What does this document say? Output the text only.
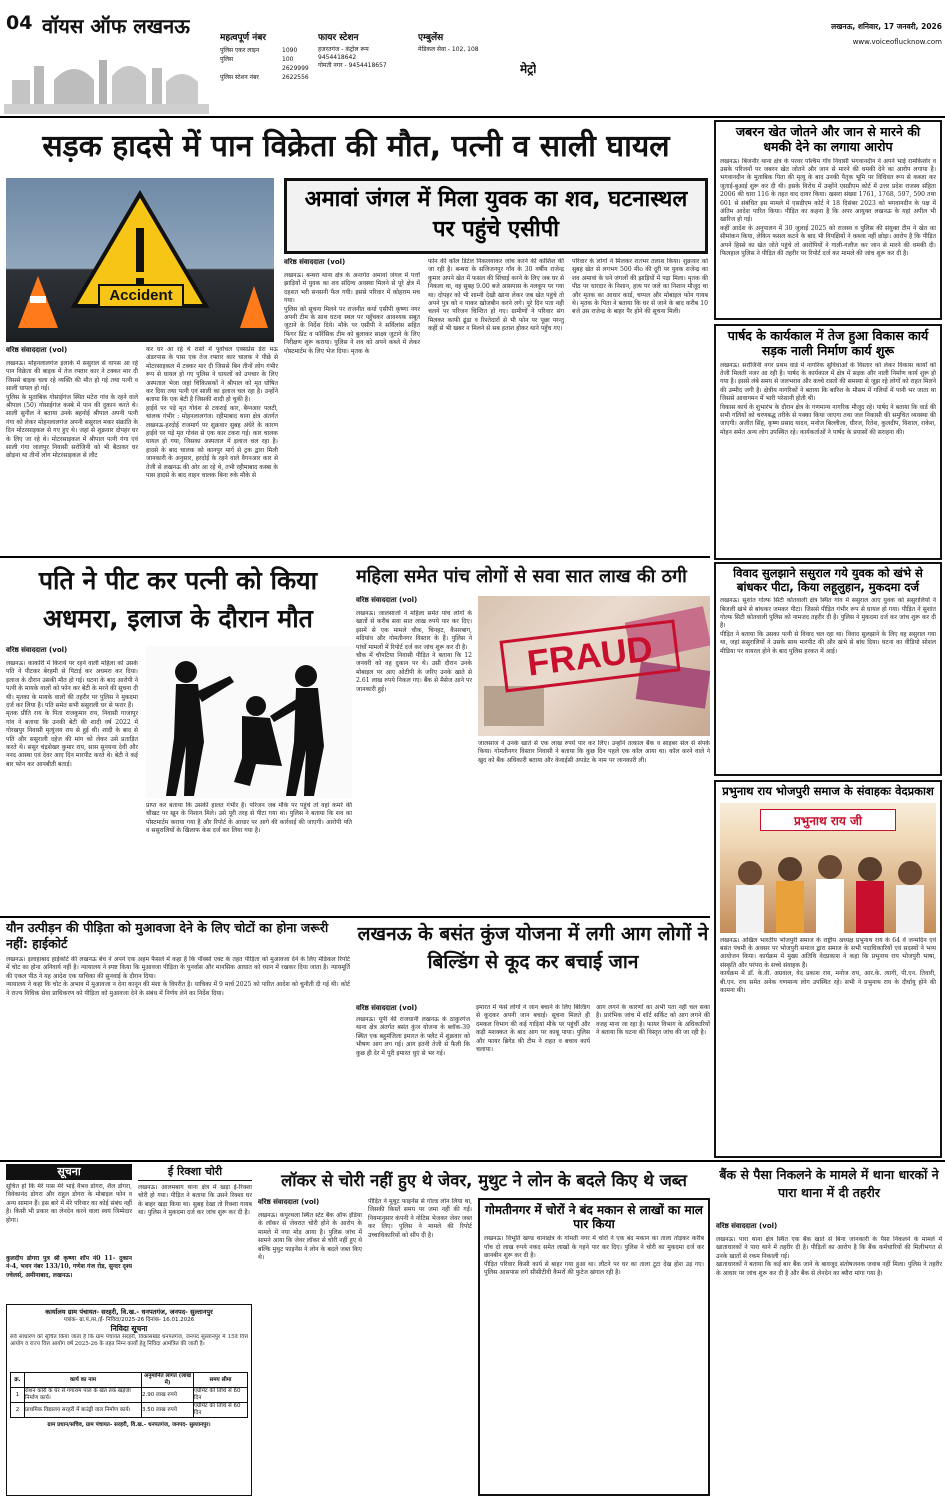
04 वॉयस ऑफ लखनऊ	महत्वपूर्ण नंबर
पुलिस एकर लाइन	1090
पुलिस	100
2629999
पुलिस स्टेशन नंबर	2622556
फायर स्टेशन
हजरतगंज - कंट्रोल रूम
9454418642
गोमती नगर - 9454418657
एम्बुलेंस
मेडिकल सेवा - 102, 108
मेट्रो
लखनऊ, शनिवार, 17 जनवरी, 2026
www.voiceoflucknow.com
सड़क हादसे में पान विक्रेता की मौत, पत्नी व साली घायल
Accident
वरिष्ठ संवाददाता (vol)

लखनऊ। मोहनलालगंज इलाके में ससुराल से वापस आ रहे पान विक्रेता की बाइक में तेज रफ्तार कार ने टक्कर मार दी जिससे बाइक चला रहे व्यक्ति की मौत हो गई तथा पत्नी व साली घायल हो गई।

पुलिस के मुताबिक गोसाईगंज स्थित मटेरा गांव के रहने वाले श्रीपाल (50) गोसाईगंज कस्बे में पान की दुकान करते थे। साली सुनील ने बताया उनके बहनोई श्रीपाल अपनी पत्नी गंगा को लेकर मोहनलालगंज अपनी ससुराल मकर संक्रांति के दिन मोटरसाइकल से गए हुए थे। जहां से शुक्रवार दोपहर घर के लिए जा रहे थे। मोटरसाइकल में श्रीपाल पत्नी गंगा एवं साली गंगा जालपुर निवासी सरोजिनी को भी बैठाकर घर छोड़ना था तीनों लोग मोटरसाइकल से लौट

कर घर आ रहे थे रास्ते में पूर्वांचल एक्सप्रेस डेरा मऊ अंडरपास के पास एक तेज रफ्तार कार चालक ने पीछे से मोटरसाइकल में टक्कर मार दी जिससे बिन तीनों लोग गंभीर रूप से घायल हो गए पुलिस ने घायलों को उपचार के लिए अस्पताल भेजा जहां चिकित्सकों ने श्रीपाल को मृत घोषित कर दिया तथा पत्नी एवं साली का इलाज चल रहा है। उन्होंने बताया कि एक बेटी है जिसकी शादी हो चुकी है।

हाईवे पर पड़े मृत गोवंश से टकराई कार, बैग्नआर पलटी, चालक गंभीर : मोहनलालगंज। रहीमाबाद थाना क्षेत्र अंतर्गत लखनऊ-हरदोई राजमार्ग पर शुक्रवार सुबह अंधेरे के कारण हाईवे पर पड़े मृत गोवंश से एक कार टकरा गई। कार चालक घायल हो गया, जिसका अस्पताल में इलाज चल रहा है। हादसे के बाद चालक को कानपुर मार्ग से ट्रक द्वारा मिली जानकारी के अनुसार, हरदोई के रहने वाले वैगनआर कार से तेजी से लखनऊ की ओर आ रहे थे, तभी रहीमाबाद कस्बा के पास हादसे के बाद वाहन चालक बिना रुके मौके से

अमावां जंगल में मिला युवक का शव, घटनास्थल पर पहुंचे एसीपी
वरिष्ठ संवाददाता (vol)

लखनऊ। बन्थरा थाना क्षेत्र के अन्तर्गत अमावां जंगल में पत्तों झाड़ियों में युवक का शव संदिग्ध अवस्था मिलने से पूरे क्षेत्र में दहशत भरी सनसनी फैल गयी। इससे परिवार में कोहराम मच गया।

पुलिस को सूचना मिलने पर राजनीत कर्या एसीपी कृष्णा नगर अपनी टीम के साथ घटना स्थल पर पहुँचकर आवश्यक सबूत जुटाने के निर्देश दिये। मौके पर एसीपी ने सर्विलांस सहित फिंगर प्रिंट व फॉरेंसिक टीम को बुलाकर साक्ष्य जुटाने के लिए निरीक्षण शुरू कराया। पुलिस ने शव को अपने कब्जे में लेकर पोस्टमार्टम के लिए भेज दिया। मृतक के

फोन की कॉल डिटेल निकलवाकर जांच करने की कोशिश की जा रही है। बन्थरा के सजिजनपुर गाँव के 30 वर्षीय राजेन्द्र कुमार अपने खेत में फसल की सिंचाई करने के लिए जब घर से निकला था, वह सुबह 9.00 बजे आसपास के नलकूप पर गया था। दोपहर को भी शाम्नी देखी खाना लेकर जब खेत पहुंचे तो अपने पुत्र को न पाकर खोजबीन करने लगे। पूरे दिन पता नहीं चलने पर परिजन चिन्तित हो गए। ग्रामीणों ने परिवार संग मिलकर काफी ढूंढा व रिश्तेदारों से भी फोन पर पूछा परन्तु कहीं से भी खबर न मिलने से सब हताश होकर थाने पहुँच गए।

परिवार के लोगों ने मिलकर रातभर तलाश किया। शुक्रवार को सुबह खेत से लगभग 500 मीo की दूरी पर युवक राजेन्द्र का शव अमावां के घने जंगलों की झाड़ियों में पड़ा मिला। मृतक की पीठ पर धारदार के निशान, हाथ पर जले का निशान मौजूद था और मृतक का आधार कार्ड, चप्पल और मोबाइल फोन गायब थे। मृतक के पिता ने बताया कि घर से जाने के बाद करीब 10 बजे उस राजेन्द्र के बाहर पैर होने की सूचना मिली।

जबरन खेत जोतने और जान से मारने की धमकी देने का लगाया आरोप

लखनऊ। बिजनौर थाना क्षेत्र के परवर पश्चिम गाँव निवासी भगवानदीन ने अपने भाई रामकिशोर व उसके परिजनों पर जबरन खेत जोतने और जान से मारने की धमकी देने का आरोप लगाया है। भगवानदीन के मुताबिक पिता की मृत्यु के बाद उनकी पैतृक भूमि पर विधिवत रूप से कब्जा कर जुताई-बुआई शुरू कर दी थी। इसके विरोध में उन्होंने एसडीएम कोर्ट में उत्तर प्रदेश राजस्व संहिता 2006 की धारा 116 के तहत वाद दायर किया। खसरा संख्या 1761, 1768, 597, 590 तथा 601 से संबंधित इस मामले में एसडीएम कोर्ट ने 18 दिसंबर 2023 को भगवानदीन के पक्ष में अंतिम आदेश पारित किया। पीड़ित का कहना है कि अपर आयुक्त लखनऊ के यहां अपील भी खारिज हो गई।

कहीं आदेश के अनुपालन में 30 जुलाई 2025 को राजस्व व पुलिस की संयुक्त टीम ने खेत का सीमांकन किया, लेकिन फसल कटने के बाद भी विपक्षियों ने कब्जा नहीं छोड़ा। आरोप है कि पीड़ित अपने हिस्से का खेत जोते पहुंचे तो आरोपियों ने गाली-गलौज कर जान से मारने की धमकी दी। फिलहाल पुलिस ने पीड़ित की तहरीर पर रिपोर्ट दर्ज कर मामले की जांच शुरू कर दी है।

पार्षद के कार्यकाल में तेज हुआ विकास कार्य सड़क नाली निर्माण कार्य शुरू

लखनऊ। सरोजिनी नगर प्रथम वार्ड में नागरिक सुविधाओं के विस्तार को लेकर विकास कार्यों को तेजी मिलती नजर आ रही है। पार्षद के कार्यकाल में क्षेत्र में सड़क और नाली निर्माण कार्य शुरू हो गया है। इससे लंबे समय से जलभराव और कच्चे रास्तों की समस्या से जूझ रहे लोगों को राहत मिलने की उम्मीद जगी है। क्षेत्रीय नागरिकों ने बताया कि बारिश के मौसम में गलियों में पानी भर जाता था जिससे आवागमन में भारी परेशानी होती थी।

विकास कार्य के शुभारंभ के दौरान क्षेत्र के गणमान्य नागरिक मौजूद रहे। पार्षद ने बताया कि वार्ड की सभी गलियों को चरणबद्ध तरीके से पक्का किया जाएगा तथा जल निकासी की समुचित व्यवस्था की जाएगी। अजीत सिंह, कृष्ण प्रसाद यादव, मनोज बिल्लीजा, धीरज, रितेश, कुलदीप, विशाल, राकेश, मोहन समेत अन्य लोग उपस्थित रहे। कार्यकर्ताओं ने पार्षद के प्रयासों की सराहना की।

पति ने पीट कर पत्नी को किया अधमरा, इलाज के दौरान मौत
वरिष्ठ संवाददाता (vol)

लखनऊ। काकोरी में किराये पर रहने वाली महिला को उसके पति ने पीटकर बेरहमी से पिटाई कर अधमरा कर दिया। इलाज के दौरान उसकी मौत हो गई। घटना के बाद आरोपी ने पत्नी के मायके वालों को फोन कर बेटी के मरने की सूचना दी थी। मृतका के मायके वालों की तहरीर पर पुलिस ने मुकदमा दर्ज कर लिया है। पति समेत सभी ससुराली घर से फरार हैं।

मृतक प्रीति राय के पिता राजकुमार राय, निवासी गाजापुर गांव ने बताया कि उनकी बेटी की शादी वर्ष 2022 में गोरखपुर निवासी मृत्युंजय राय से हुई थी। शादी के बाद से पति और ससुराली दहेज की मांग को लेकर उसे प्रताड़ित करते थे। ससुर चंद्रशेखर कुमार राय, सास सुनयना देवी और ननद आस्था एवं देवर आए दिन मारपीट करते थे। बेटी ने कई बार फोन कर आपबीती बताई।

प्राप्त कर बताया कि उसकी हालत गंभीर है। परिजन जब मौके पर पहुंचे तो वहां कमरे की चौखट पर खून के निशान मिले। उसे पूरी तरह से पीटा गया था। पुलिस ने बताया कि शव का पोस्टमार्टम कराया गया है और रिपोर्ट के आधार पर आगे की कार्रवाई की जाएगी। आरोपी पति व ससुरालियों के खिलाफ केस दर्ज कर लिया गया है।

महिला समेत पांच लोगों से सवा सात लाख की ठगी
वरिष्ठ संवाददाता (vol)

लखनऊ। जालसाजों ने महिला समेत पांच लोगों के खातों से करीब सवा सात लाख रुपये पार कर दिए। इसमें से एक मामले चौक, चिनहट, कैसरबाग, मदियांव और गोमतीनगर विस्तार के हैं। पुलिस ने पांचों मामलों में रिपोर्ट दर्ज कर जांच शुरू कर दी है।

चौक में चौपटिया निवासी पीड़ित ने बताया कि 12 जनवरी को वह दुकान पर थे। उसी दौरान उनके मोबाइल पर आए ओटीपी के जरिए उनके खाते से 2.61 लाख रुपये निकल गए। बैंक से मैसेज आने पर जानकारी हुई।

FRAUD

जालसाज ने उनके खाते से एक लाख रुपये पार कर लिए। उन्होंने तत्काल बैंक व साइबर सेल से संपर्क किया। गोमतीनगर विस्तार निवासी ने बताया कि कुछ दिन पहले एक कॉल आया था। कॉल करने वाले ने खुद को बैंक अधिकारी बताया और केवाईसी अपडेट के नाम पर जानकारी ली।

विवाद सुलझाने ससुराल गये युवक को खंभे से बांधकर पीटा, किया लहूलुहान, मुकदमा दर्ज

लखनऊ। सुशांत गोल्फ सिटी कोतवाली क्षेत्र स्थित गांव में ससुराल आए युवक को ससुरालियों ने बिजली खंभे से बांधकर जमकर पीटा। जिससे पीड़ित गंभीर रूप से घायल हो गया। पीड़ित ने सुशांत गोल्फ सिटी कोतवाली पुलिस को नामजद तहरीर दी है। पुलिस ने मुकदमा दर्ज कर जांच शुरू कर दी है।

पीड़ित ने बताया कि उसका पत्नी से विवाद चल रहा था। विवाद सुलझाने के लिए वह ससुराल गया था, जहां ससुरालियों ने उसके साथ मारपीट की और खंभे से बांध दिया। घटना का वीडियो सोशल मीडिया पर वायरल होने के बाद पुलिस हरकत में आई।

प्रभुनाथ राय भोजपुरी समाज के संवाहकः वेदप्रकाश
प्रभुनाथ राय जी

लखनऊ। अखिल भारतीय भोजपुरी समाज के राष्ट्रीय अध्यक्ष प्रभुनाथ राय के 64 वें जन्मदिन एवं बसंत पंचमी के अवसर पर भोजपुरी समाज द्वारा समाज के सभी पदाधिकारियों एवं सदस्यों ने भव्य आयोजन किया। कार्यक्रम में मुख्य अतिथि वेदप्रकाश ने कहा कि प्रभुनाथ राय भोजपुरी भाषा, संस्कृति और परंपरा के सच्चे संवाहक हैं।

कार्यक्रम में डॉ. के.वी. अग्रवाल, वेद प्रकाश राय, मनोज राय, आर.के. त्यागी, पी.एन. तिवारी, बी.एन. राय समेत अनेक गणमान्य लोग उपस्थित रहे। सभी ने प्रभुनाथ राय के दीर्घायु होने की कामना की।

यौन उत्पीड़न की पीड़िता को मुआवजा देने के लिए चोटों का होना जरूरी नहीं: हाईकोर्ट

लखनऊ। इलाहाबाद हाईकोर्ट की लखनऊ बेंच ने अपने एक अहम फैसले में कहा है कि पॉक्सो एक्ट के तहत पीड़िता को मुआवजा देने के लिए मेडिकल रिपोर्ट में चोट का होना अनिवार्य नहीं है। न्यायालय ने स्पष्ट किया कि मुआवजा पीड़िता के पुनर्वास और मानसिक आघात को ध्यान में रखकर दिया जाता है। न्यायमूर्ति की एकल पीठ ने यह आदेश एक याचिका की सुनवाई के दौरान दिया।

न्यायालय ने कहा कि चोट के अभाव में मुआवजा न देना कानून की मंशा के विपरीत है। याचिका में 9 मार्च 2025 को पारित आदेश को चुनौती दी गई थी। कोर्ट ने राज्य विधिक सेवा प्राधिकरण को पीड़िता को मुआवजा देने के संबंध में निर्णय लेने का निर्देश दिया।

लखनऊ के बसंत कुंज योजना में लगी आग लोगों ने बिल्डिंग से कूद कर बचाई जान
वरिष्ठ संवाददाता (vol)

लखनऊ। यूपी की राजधानी लखनऊ के ठाकुरगंज थाना क्षेत्र अंतर्गत बसंत कुंज योजना के ब्लॉक-39 स्थित एक बहुमंजिला इमारत के फ्लैट में शुक्रवार को भीषण आग लग गई। आग इतनी तेजी से फैली कि कुछ ही देर में पूरी इमारत धुएं से भर गई।

इमारत में फंसे लोगों ने जान बचाने के लिए बिल्डिंग से कूदकर अपनी जान बचाई। सूचना मिलते ही दमकल विभाग की कई गाड़ियां मौके पर पहुंचीं और कड़ी मशक्कत के बाद आग पर काबू पाया। पुलिस और फायर ब्रिगेड की टीम ने राहत व बचाव कार्य चलाया।

आग लगने के कारणों का अभी पता नहीं चल सका है। प्रारंभिक जांच में शॉर्ट सर्किट को आग लगने की वजह माना जा रहा है। फायर विभाग के अधिकारियों ने बताया कि घटना की विस्तृत जांच की जा रही है।

सूचना
सूचित हो कि मेरे पास मेरे भाई वैभव डोगरा, शैल डोगरा, विवेकानंद डोगरा और राहुल डोगरा के मोबाइल फोन व अन्य सामान हैं। इस बारे में मेरे परिवार का कोई संबंध नहीं है। किसी भी प्रकार का लेनदेन करने वाला स्वयं जिम्मेदार होगा।
कुलदीप डोगरा पुत्र श्री कृष्णा शॉप नं0 11- दुकान नं-4, भवन नंबर 133/10, गणेश गंज रोड, सुन्दर दृश्य ज्वेलर्स, अमीनाबाद, लखनऊ।
ई रिक्शा चोरी
लखनऊ। आलमबाग थाना क्षेत्र में खड़ा ई-रिक्शा चोरी हो गया। पीड़ित ने बताया कि उसने रिक्शा घर के बाहर खड़ा किया था। सुबह देखा तो रिक्शा गायब था। पुलिस ने मुकदमा दर्ज कर जांच शुरू कर दी है।
कार्यालय ग्राम पंचायत- सरहरी, वि.ख.- धनपतगंज, जनपद- सुल्तानपुर
पत्रांक- ग्रा.पं./स./ई- निविदा/2025-26 दिनांक- 16.01.2026
निविदा सूचना
सर्व साधारण को सूचित किया जाता है कि ग्राम पंचायत सरहरी, विकासखंड धनपतगंज, जनपद सुल्तानपुर में 15वें वित्त आयोग व राज्य वित्त आयोग वर्ष 2025-26 के तहत निम्न कार्यों हेतु निविदा आमंत्रित की जाती है।
क्र.	कार्य का नाम	अनुमानित लागत (लाख में)	समय सीमा
1	रोशन कोरी के घर से गंगाराम पाल के खेत तक खड़ंजा निर्माण कार्य।	2.90 लाख रुपये	एग्रीमेंट की तिथि से 60 दिन
2	प्राथमिक विद्यालय सरहरी में बाउंड्री वाल निर्माण कार्य।	3.50 लाख रुपये	एग्रीमेंट की तिथि से 60 दिन
ग्राम प्रधान/सचिव, ग्राम पंचायत- सरहरी, वि.ख.- धनपतगंज, जनपद- सुल्तानपुर।
लॉकर से चोरी नहीं हुए थे जेवर, मुथुट ने लोन के बदले किए थे जब्त
वरिष्ठ संवाददाता (vol)

लखनऊ। कपूरथला स्थित स्टेट बैंक ऑफ इंडिया के लॉकर से जेवरात चोरी होने के आरोप के मामले में नया मोड़ आया है। पुलिस जांच में सामने आया कि जेवर लॉकर से चोरी नहीं हुए थे बल्कि मुथुट फाइनेंस ने लोन के बदले जब्त किए थे।

पीड़ित ने मुथुट फाइनेंस से गोल्ड लोन लिया था, जिसकी किस्तें समय पर जमा नहीं की गईं। नियमानुसार कंपनी ने नोटिस भेजकर जेवर जब्त कर लिए। पुलिस ने मामले की रिपोर्ट उच्चाधिकारियों को सौंप दी है।

गोमतीनगर में चोरों ने बंद मकान से लाखों का माल पार किया

लखनऊ। विभूति खण्ड थानाक्षेत्र के गोमती नगर में चोरों ने एक बंद मकान का ताला तोड़कर करीब पाँच दो लाख रुपये नकद समेत लाखों के गहने पार कर दिए। पुलिस ने चोरी का मुकदमा दर्ज कर छानबीन शुरू कर दी है।

पीड़ित परिवार किसी कार्य से बाहर गया हुआ था। लौटने पर घर का ताला टूटा देख होश उड़ गए। पुलिस आसपास लगे सीसीटीवी कैमरों की फुटेज खंगाल रही है।

बैंक से पैसा निकलने के मामले में थाना धारकों ने पारा थाना में दी तहरीर
वरिष्ठ संवाददाता (vol)

लखनऊ। पारा थाना क्षेत्र स्थित एक बैंक खाते से बिना जानकारी के पैसा निकलने के मामले में खाताधारकों ने पारा थाने में तहरीर दी है। पीड़ितों का आरोप है कि बैंक कर्मचारियों की मिलीभगत से उनके खातों से रकम निकाली गई।

खाताधारकों ने बताया कि कई बार बैंक जाने के बावजूद संतोषजनक जवाब नहीं मिला। पुलिस ने तहरीर के आधार पर जांच शुरू कर दी है और बैंक से लेनदेन का ब्यौरा मांगा गया है।
